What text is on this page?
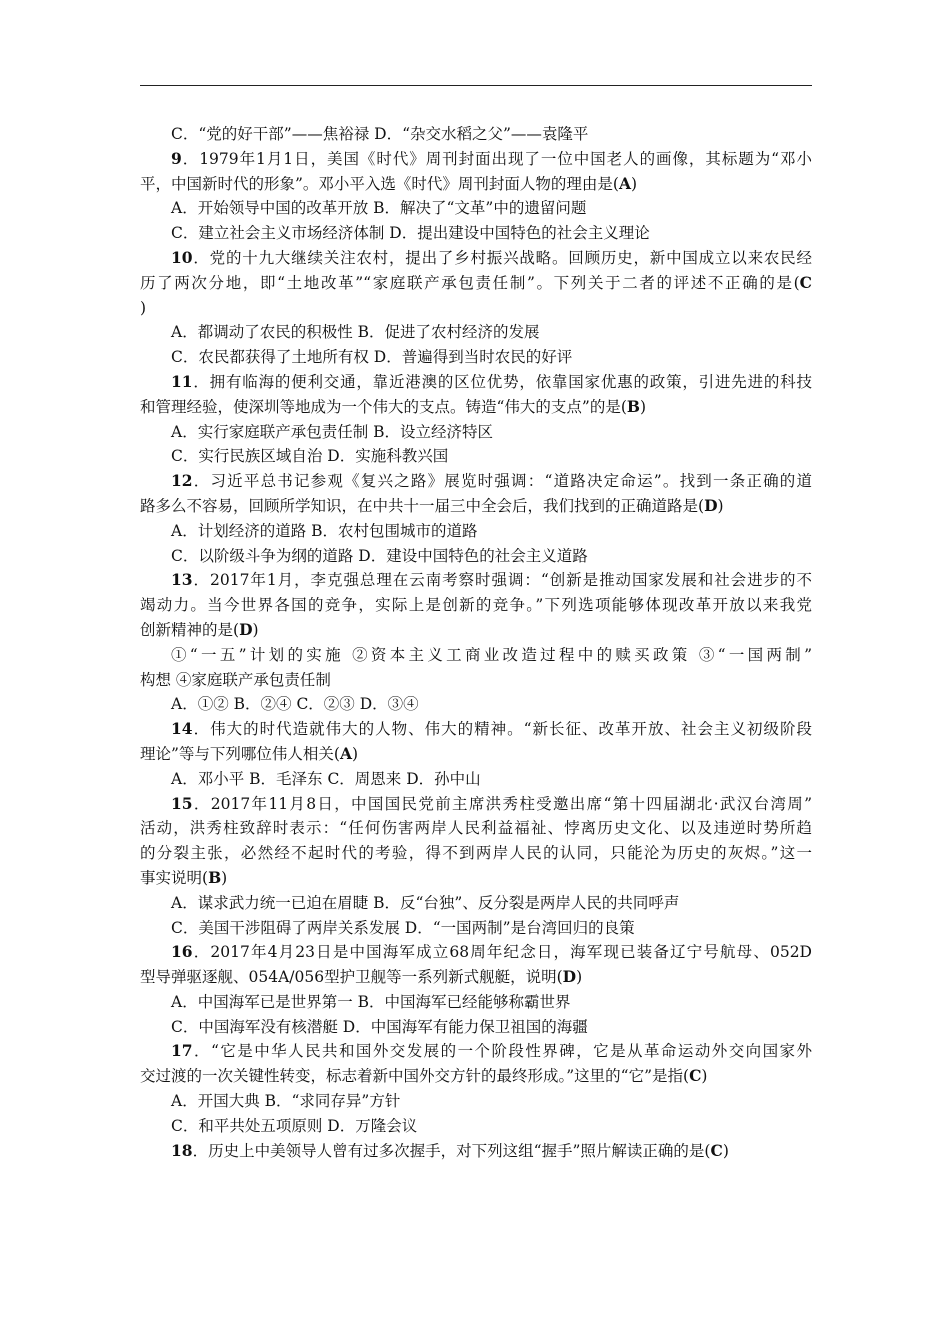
C．“党的好干部”——焦裕禄 D．“杂交水稻之父”——袁隆平
9．1979年1月1日，美国《时代》周刊封面出现了一位中国老人的画像，其标题为“邓小
平，中国新时代的形象”。邓小平入选《时代》周刊封面人物的理由是(A)
A．开始领导中国的改革开放 B．解决了“文革”中的遗留问题
C．建立社会主义市场经济体制 D．提出建设中国特色的社会主义理论
10．党的十九大继续关注农村，提出了乡村振兴战略。回顾历史，新中国成立以来农民经
历了两次分地，即“土地改革”“家庭联产承包责任制”。下列关于二者的评述不正确的是(C
)
A．都调动了农民的积极性 B．促进了农村经济的发展
C．农民都获得了土地所有权 D．普遍得到当时农民的好评
11．拥有临海的便利交通，靠近港澳的区位优势，依靠国家优惠的政策，引进先进的科技
和管理经验，使深圳等地成为一个伟大的支点。铸造“伟大的支点”的是(B)
A．实行家庭联产承包责任制 B．设立经济特区
C．实行民族区域自治 D．实施科教兴国
12．习近平总书记参观《复兴之路》展览时强调：“道路决定命运”。找到一条正确的道
路多么不容易，回顾所学知识，在中共十一届三中全会后，我们找到的正确道路是(D)
A．计划经济的道路 B．农村包围城市的道路
C．以阶级斗争为纲的道路 D．建设中国特色的社会主义道路
13．2017年1月，李克强总理在云南考察时强调：“创新是推动国家发展和社会进步的不
竭动力。当今世界各国的竞争，实际上是创新的竞争。”下列选项能够体现改革开放以来我党
创新精神的是(D)
①“一五”计划的实施 ②资本主义工商业改造过程中的赎买政策 ③“一国两制”
构想 ④家庭联产承包责任制
A．①② B．②④ C．②③ D．③④
14．伟大的时代造就伟大的人物、伟大的精神。“新长征、改革开放、社会主义初级阶段
理论”等与下列哪位伟人相关(A)
A．邓小平 B．毛泽东 C．周恩来 D．孙中山
15．2017年11月8日，中国国民党前主席洪秀柱受邀出席“第十四届湖北·武汉台湾周”
活动，洪秀柱致辞时表示：“任何伤害两岸人民利益福祉、悖离历史文化、以及违逆时势所趋
的分裂主张，必然经不起时代的考验，得不到两岸人民的认同，只能沦为历史的灰烬。”这一
事实说明(B)
A．谋求武力统一已迫在眉睫 B．反“台独”、反分裂是两岸人民的共同呼声
C．美国干涉阻碍了两岸关系发展 D．“一国两制”是台湾回归的良策
16．2017年4月23日是中国海军成立68周年纪念日，海军现已装备辽宁号航母、052D
型导弹驱逐舰、054A/056型护卫舰等一系列新式舰艇，说明(D)
A．中国海军已是世界第一 B．中国海军已经能够称霸世界
C．中国海军没有核潜艇 D．中国海军有能力保卫祖国的海疆
17．“它是中华人民共和国外交发展的一个阶段性界碑，它是从革命运动外交向国家外
交过渡的一次关键性转变，标志着新中国外交方针的最终形成。”这里的“它”是指(C)
A．开国大典 B．“求同存异”方针
C．和平共处五项原则 D．万隆会议
18．历史上中美领导人曾有过多次握手，对下列这组“握手”照片解读正确的是(C)
